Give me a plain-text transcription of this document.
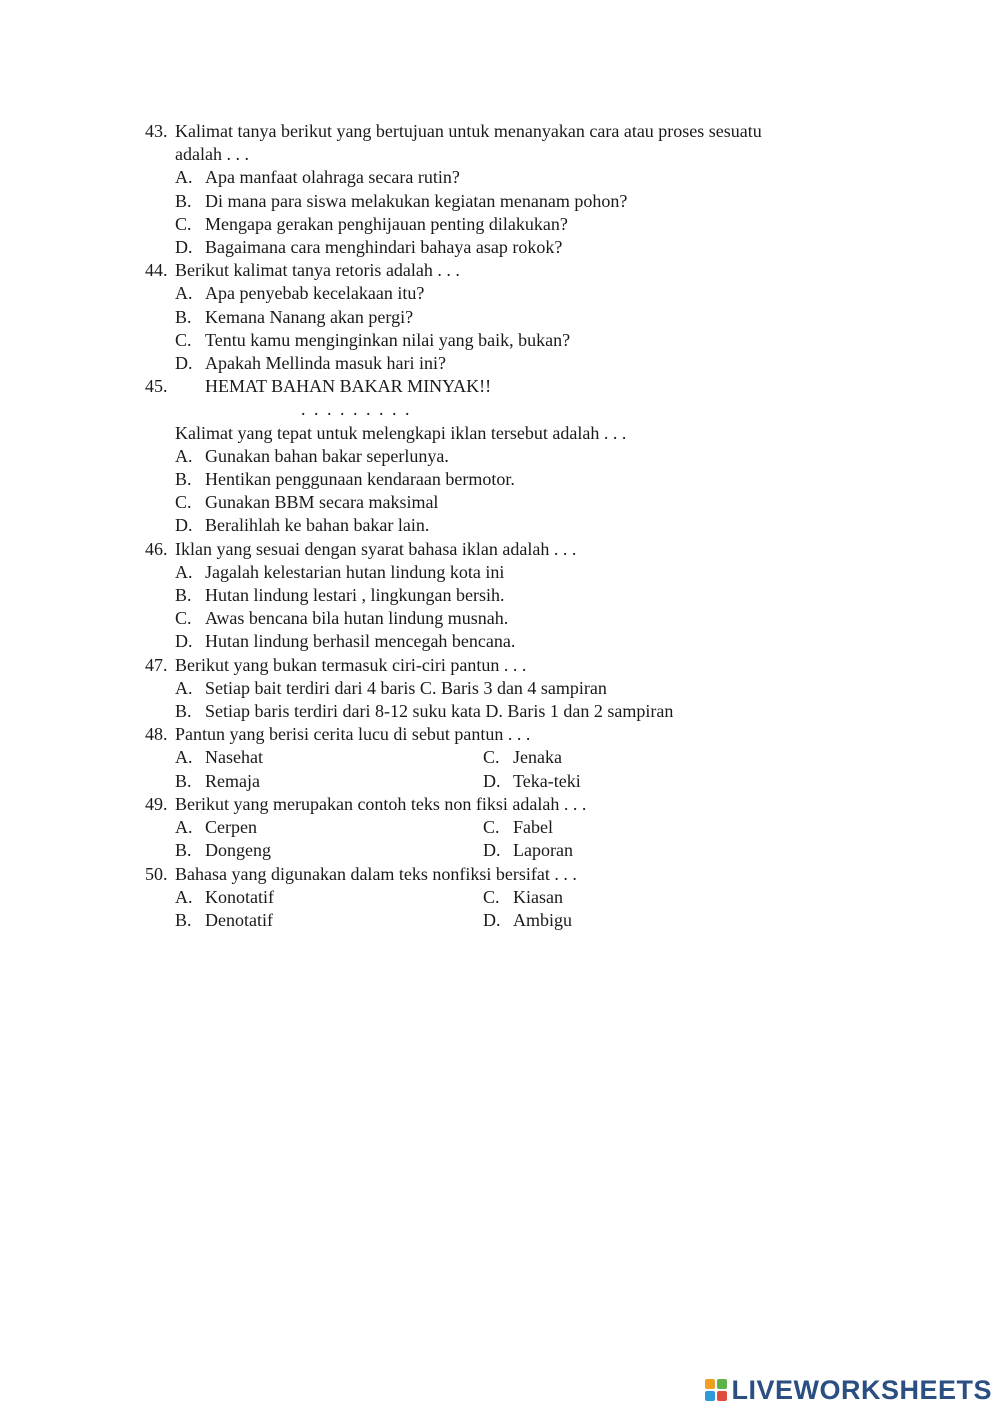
43. Kalimat tanya berikut yang bertujuan untuk menanyakan cara atau proses sesuatu
adalah . . .
A. Apa manfaat olahraga secara rutin?
B. Di mana para siswa melakukan kegiatan menanam pohon?
C. Mengapa gerakan penghijauan penting dilakukan?
D. Bagaimana cara menghindari bahaya asap rokok?
44. Berikut kalimat tanya retoris adalah . . .
A. Apa penyebab kecelakaan itu?
B. Kemana Nanang akan pergi?
C. Tentu kamu menginginkan nilai yang baik, bukan?
D. Apakah Mellinda masuk hari ini?
45.	HEMAT BAHAN BAKAR MINYAK!!
. . . . . . . . .
Kalimat yang tepat untuk melengkapi iklan tersebut adalah . . .
A. Gunakan bahan bakar seperlunya.
B. Hentikan penggunaan kendaraan bermotor.
C. Gunakan BBM secara maksimal
D. Beralihlah ke bahan bakar lain.
46. Iklan yang sesuai dengan syarat bahasa iklan adalah . . .
A. Jagalah kelestarian hutan lindung kota ini
B. Hutan lindung lestari , lingkungan bersih.
C. Awas bencana bila hutan lindung musnah.
D. Hutan lindung berhasil mencegah bencana.
47. Berikut yang bukan termasuk ciri-ciri pantun . . .
A. Setiap bait terdiri dari 4 baris C. Baris 3 dan 4 sampiran
B. Setiap baris terdiri dari 8-12 suku kata D. Baris 1 dan 2 sampiran
48. Pantun yang berisi cerita lucu di sebut pantun . . .
A. Nasehat	C. Jenaka
B. Remaja	D. Teka-teki
49. Berikut yang merupakan contoh teks non fiksi adalah . . .
A. Cerpen	C. Fabel
B. Dongeng	D. Laporan
50. Bahasa yang digunakan dalam teks nonfiksi bersifat . . .
A. Konotatif	C. Kiasan
B. Denotatif	D. Ambigu
LIVEWORKSHEETS
